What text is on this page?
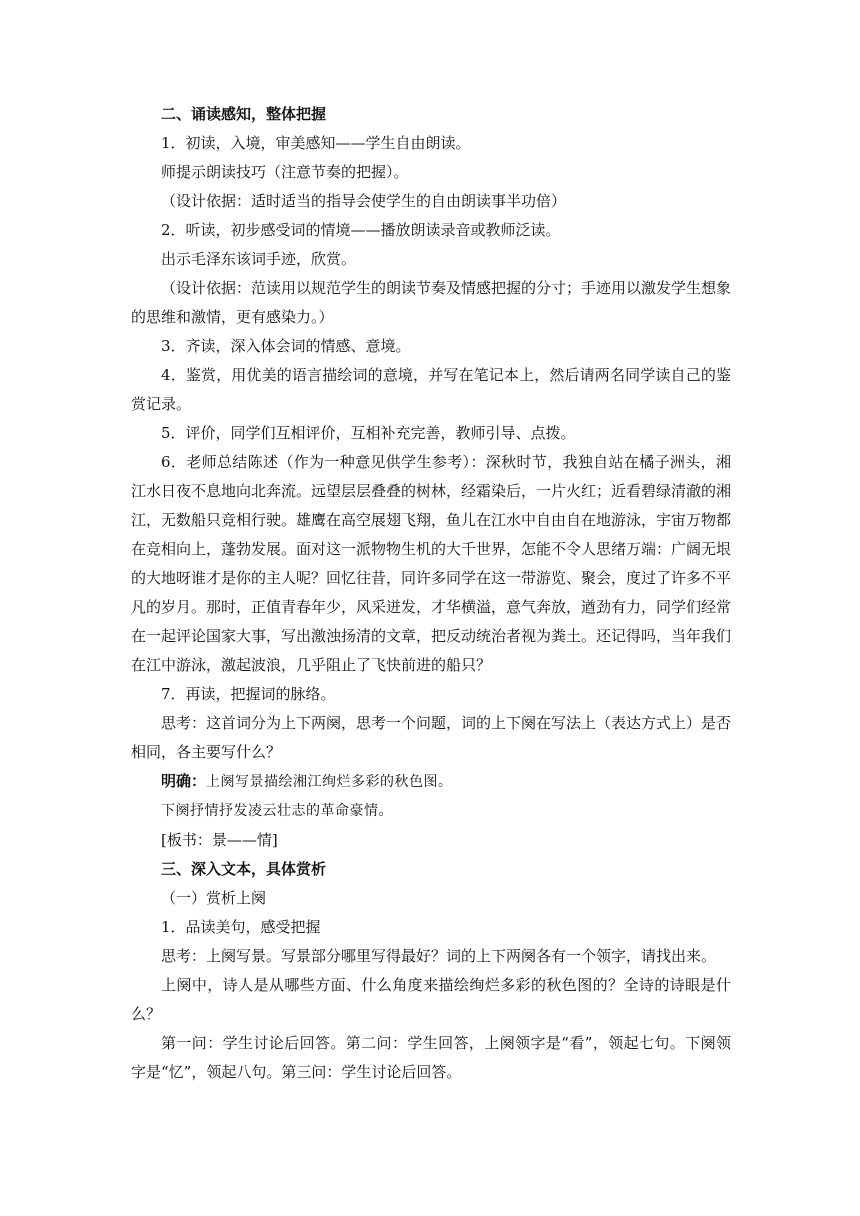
二、诵读感知，整体把握

1．初读，入境，审美感知——学生自由朗读。

师提示朗读技巧（注意节奏的把握）。

（设计依据：适时适当的指导会使学生的自由朗读事半功倍）

2．听读，初步感受词的情境——播放朗读录音或教师泛读。

出示毛泽东该词手迹，欣赏。

（设计依据：范读用以规范学生的朗读节奏及情感把握的分寸；手迹用以激发学生想象的思维和激情，更有感染力。）

3．齐读，深入体会词的情感、意境。

4．鉴赏，用优美的语言描绘词的意境，并写在笔记本上，然后请两名同学读自己的鉴赏记录。

5．评价，同学们互相评价，互相补充完善，教师引导、点拨。

6．老师总结陈述（作为一种意见供学生参考）：深秋时节，我独自站在橘子洲头，湘江水日夜不息地向北奔流。远望层层叠叠的树林，经霜染后，一片火红；近看碧绿清澈的湘江，无数船只竞相行驶。雄鹰在高空展翅飞翔，鱼儿在江水中自由自在地游泳，宇宙万物都在竞相向上，蓬勃发展。面对这一派物物生机的大千世界，怎能不令人思绪万端：广阔无垠的大地呀谁才是你的主人呢？回忆往昔，同许多同学在这一带游览、聚会，度过了许多不平凡的岁月。那时，正值青春年少，风采迸发，才华横溢，意气奔放，遒劲有力，同学们经常在一起评论国家大事，写出激浊扬清的文章，把反动统治者视为粪土。还记得吗，当年我们在江中游泳，激起波浪，几乎阻止了飞快前进的船只？

7．再读，把握词的脉络。

思考：这首词分为上下两阕，思考一个问题，词的上下阕在写法上（表达方式上）是否相同，各主要写什么？

明确：上阕写景描绘湘江绚烂多彩的秋色图。

下阕抒情抒发凌云壮志的革命豪情。

[板书：景——情]

三、深入文本，具体赏析

（一）赏析上阕

1．品读美句，感受把握

思考：上阕写景。写景部分哪里写得最好？词的上下两阕各有一个领字，请找出来。

上阕中，诗人是从哪些方面、什么角度来描绘绚烂多彩的秋色图的？全诗的诗眼是什么？

第一问：学生讨论后回答。第二问：学生回答，上阕领字是“看”，领起七句。下阕领字是“忆”，领起八句。第三问：学生讨论后回答。
